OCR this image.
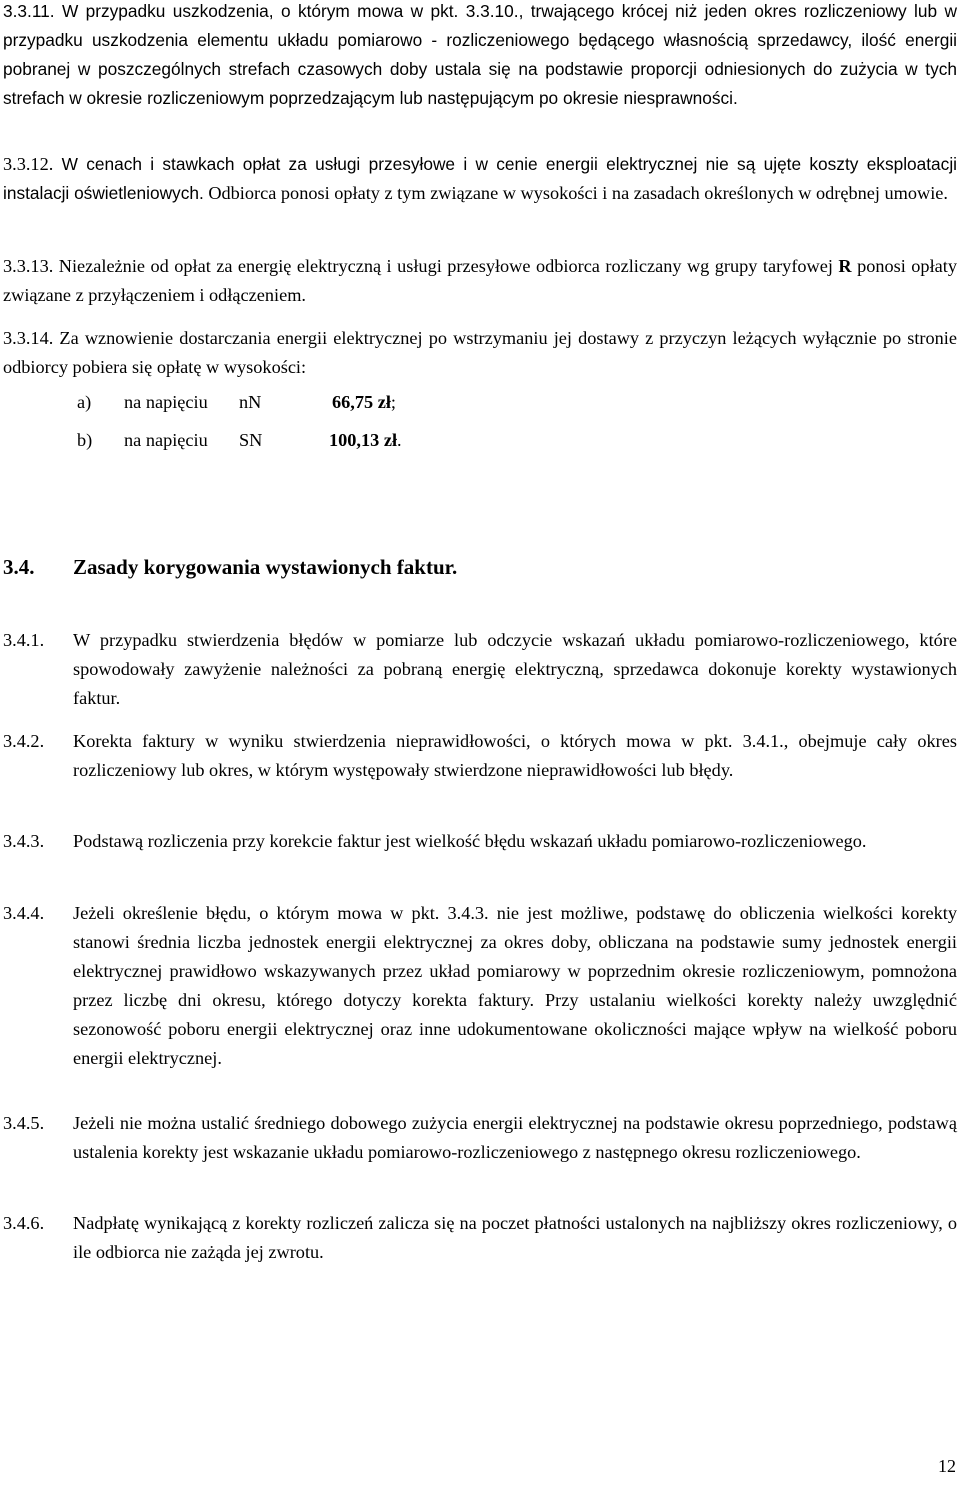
3.3.11. W przypadku uszkodzenia, o którym mowa w pkt. 3.3.10., trwającego krócej niż jeden okres rozliczeniowy lub w przypadku uszkodzenia elementu układu pomiarowo - rozliczeniowego będącego własnością sprzedawcy, ilość energii pobranej w poszczególnych strefach czasowych doby ustala się na podstawie proporcji odniesionych do zużycia w tych strefach w okresie rozliczeniowym poprzedzającym lub następującym po okresie niesprawności.

3.3.12. W cenach i stawkach opłat za usługi przesyłowe i w cenie energii elektrycznej nie są ujęte koszty eksploatacji instalacji oświetleniowych. Odbiorca ponosi opłaty z tym związane w wysokości i na zasadach określonych w odrębnej umowie.

3.3.13. Niezależnie od opłat za energię elektryczną i usługi przesyłowe odbiorca rozliczany wg grupy taryfowej R ponosi opłaty związane z przyłączeniem i odłączeniem.

3.3.14. Za wznowienie dostarczania energii elektrycznej po wstrzymaniu jej dostawy z przyczyn leżących wyłącznie po stronie odbiorcy pobiera się opłatę w wysokości:

a)	na napięciu	nN	66,75 zł;
b)	na napięciu	SN	100,13 zł.
3.4.	Zasady korygowania wystawionych faktur.
3.4.1.	W przypadku stwierdzenia błędów w pomiarze lub odczycie wskazań układu pomiarowo-rozliczeniowego, które spowodowały zawyżenie należności za pobraną energię elektryczną, sprzedawca dokonuje korekty wystawionych faktur.
3.4.2.	Korekta faktury w wyniku stwierdzenia nieprawidłowości, o których mowa w pkt. 3.4.1., obejmuje cały okres rozliczeniowy lub okres, w którym występowały stwierdzone nieprawidłowości lub błędy.
3.4.3.	Podstawą rozliczenia przy korekcie faktur jest wielkość błędu wskazań układu pomiarowo-rozliczeniowego.
3.4.4.	Jeżeli określenie błędu, o którym mowa w pkt. 3.4.3. nie jest możliwe, podstawę do obliczenia wielkości korekty stanowi średnia liczba jednostek energii elektrycznej za okres doby, obliczana na podstawie sumy jednostek energii elektrycznej prawidłowo wskazywanych przez układ pomiarowy w poprzednim okresie rozliczeniowym, pomnożona przez liczbę dni okresu, którego dotyczy korekta faktury. Przy ustalaniu wielkości korekty należy uwzględnić sezonowość poboru energii elektrycznej oraz inne udokumentowane okoliczności mające wpływ na wielkość poboru energii elektrycznej.
3.4.5.	Jeżeli nie można ustalić średniego dobowego zużycia energii elektrycznej na podstawie okresu poprzedniego, podstawą ustalenia korekty jest wskazanie układu pomiarowo-rozliczeniowego z następnego okresu rozliczeniowego.
3.4.6.	Nadpłatę wynikającą z korekty rozliczeń zalicza się na poczet płatności ustalonych na najbliższy okres rozliczeniowy, o ile odbiorca nie zażąda jej zwrotu.
12
